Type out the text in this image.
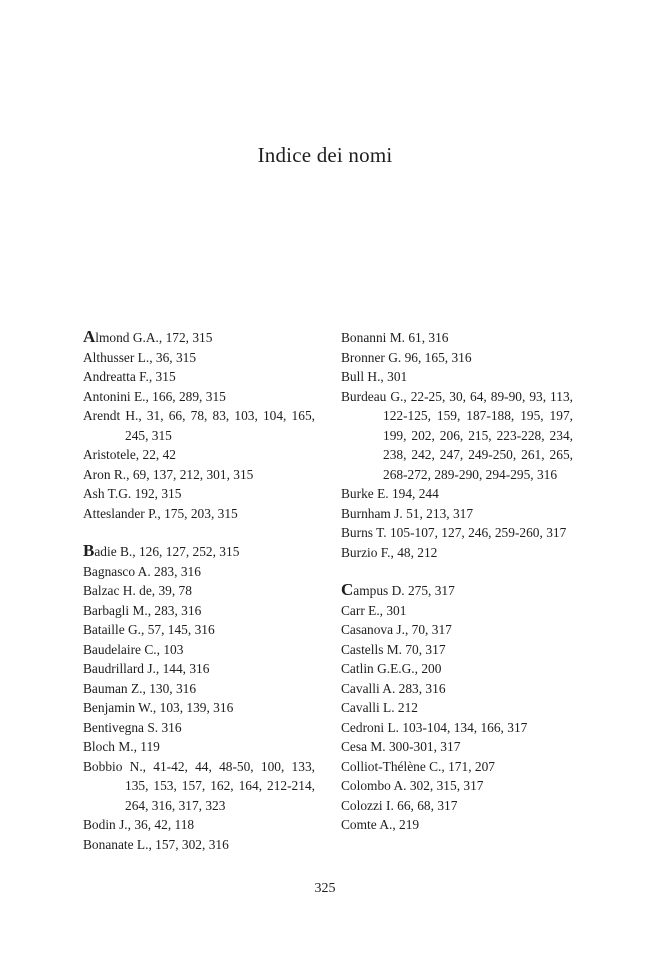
Indice dei nomi
Almond G.A., 172, 315
Althusser L., 36, 315
Andreatta F., 315
Antonini E., 166, 289, 315
Arendt H., 31, 66, 78, 83, 103, 104, 165, 245, 315
Aristotele, 22, 42
Aron R., 69, 137, 212, 301, 315
Ash T.G. 192, 315
Atteslander P., 175, 203, 315
Badie B., 126, 127, 252, 315
Bagnasco A. 283, 316
Balzac H. de, 39, 78
Barbagli M., 283, 316
Bataille G., 57, 145, 316
Baudelaire C., 103
Baudrillard J., 144, 316
Bauman Z., 130, 316
Benjamin W., 103, 139, 316
Bentivegna S. 316
Bloch M., 119
Bobbio N., 41-42, 44, 48-50, 100, 133, 135, 153, 157, 162, 164, 212-214, 264, 316, 317, 323
Bodin J., 36, 42, 118
Bonanate L., 157, 302, 316
Bonanni M. 61, 316
Bronner G. 96, 165, 316
Bull H., 301
Burdeau G., 22-25, 30, 64, 89-90, 93, 113, 122-125, 159, 187-188, 195, 197, 199, 202, 206, 215, 223-228, 234, 238, 242, 247, 249-250, 261, 265, 268-272, 289-290, 294-295, 316
Burke E. 194, 244
Burnham J. 51, 213, 317
Burns T. 105-107, 127, 246, 259-260, 317
Burzio F., 48, 212
Campus D. 275, 317
Carr E., 301
Casanova J., 70, 317
Castells M. 70, 317
Catlin G.E.G., 200
Cavalli A. 283, 316
Cavalli L. 212
Cedroni L. 103-104, 134, 166, 317
Cesa M. 300-301, 317
Colliot-Thélène C., 171, 207
Colombo A. 302, 315, 317
Colozzi I. 66, 68, 317
Comte A., 219
325
